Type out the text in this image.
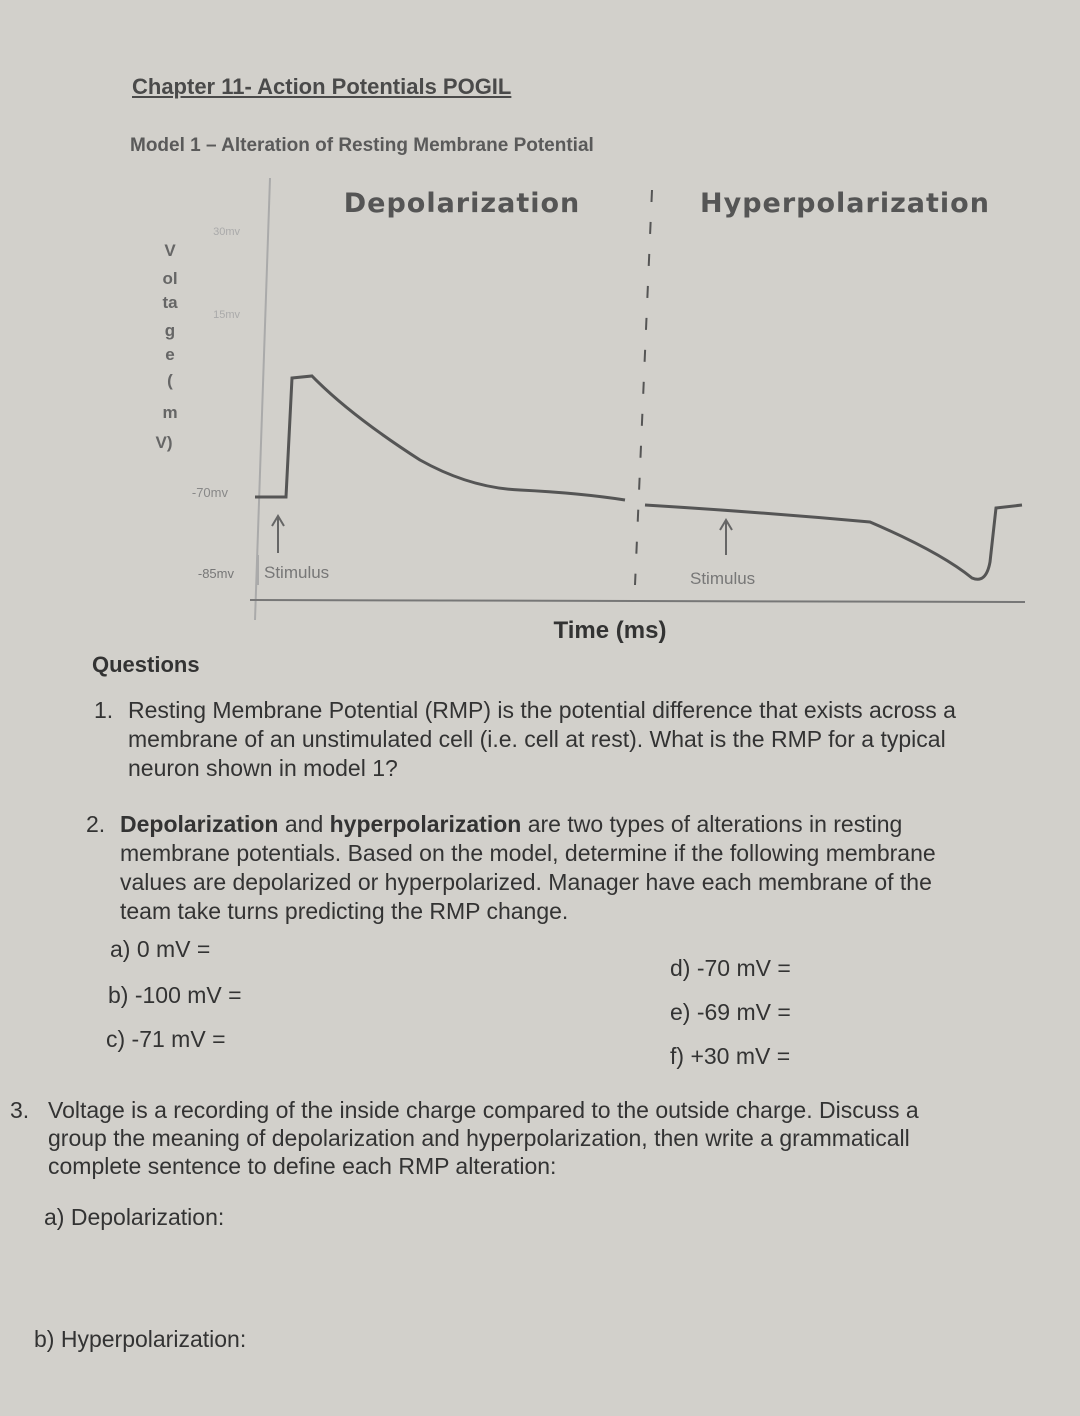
Chapter 11- Action Potentials POGIL
Model 1 – Alteration of Resting Membrane Potential
Depolarization	Hyperpolarization
30mv
15mv
-70mv
-85mv
V
ol
ta
g
e
(
m
V)
Stimulus	Stimulus
Time (ms)
Questions
1. Resting Membrane Potential (RMP) is the potential difference that exists across a
membrane of an unstimulated cell (i.e. cell at rest). What is the RMP for a typical
neuron shown in model 1?
2. Depolarization and hyperpolarization are two types of alterations in resting
membrane potentials. Based on the model, determine if the following membrane
values are depolarized or hyperpolarized. Manager have each membrane of the
team take turns predicting the RMP change.
a) 0 mV =
b) -100 mV =
c) -71 mV =
d) -70 mV =
e) -69 mV =
f) +30 mV =
3. Voltage is a recording of the inside charge compared to the outside charge. Discuss a
group the meaning of depolarization and hyperpolarization, then write a grammaticall
complete sentence to define each RMP alteration:
a) Depolarization:
b) Hyperpolarization:
